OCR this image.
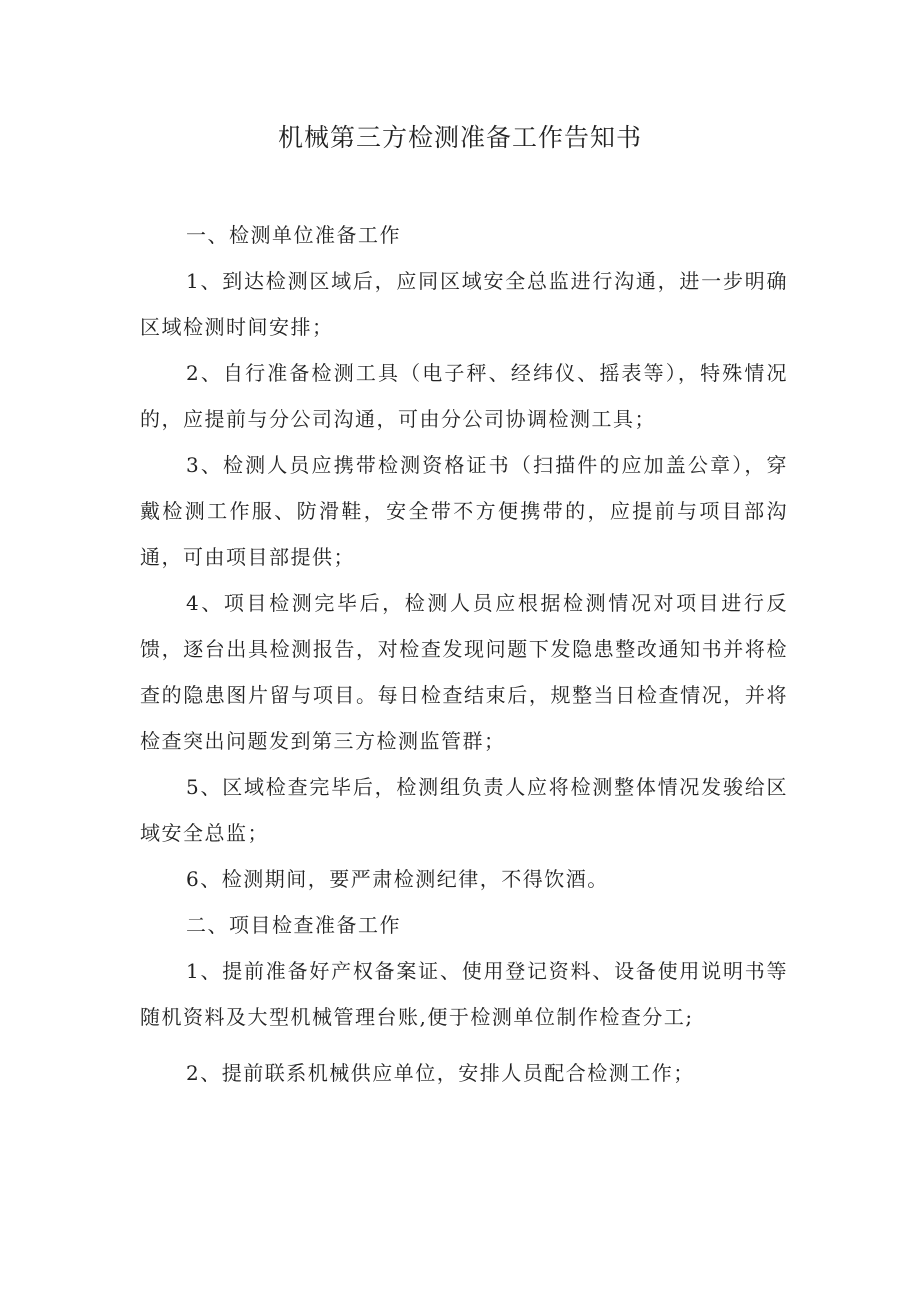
机械第三方检测准备工作告知书

一、检测单位准备工作

1、到达检测区域后，应同区域安全总监进行沟通，进一步明确区域检测时间安排；

2、自行准备检测工具（电子秤、经纬仪、摇表等），特殊情况的，应提前与分公司沟通，可由分公司协调检测工具；

3、检测人员应携带检测资格证书（扫描件的应加盖公章），穿戴检测工作服、防滑鞋，安全带不方便携带的，应提前与项目部沟通，可由项目部提供；

4、项目检测完毕后，检测人员应根据检测情况对项目进行反馈，逐台出具检测报告，对检查发现问题下发隐患整改通知书并将检查的隐患图片留与项目。每日检查结束后，规整当日检查情况，并将检查突出问题发到第三方检测监管群；

5、区域检查完毕后，检测组负责人应将检测整体情况发骏给区域安全总监；

6、检测期间，要严肃检测纪律，不得饮酒。

二、项目检查准备工作

1、提前准备好产权备案证、使用登记资料、设备使用说明书等随机资料及大型机械管理台账,便于检测单位制作检查分工;

2、提前联系机械供应单位，安排人员配合检测工作；
